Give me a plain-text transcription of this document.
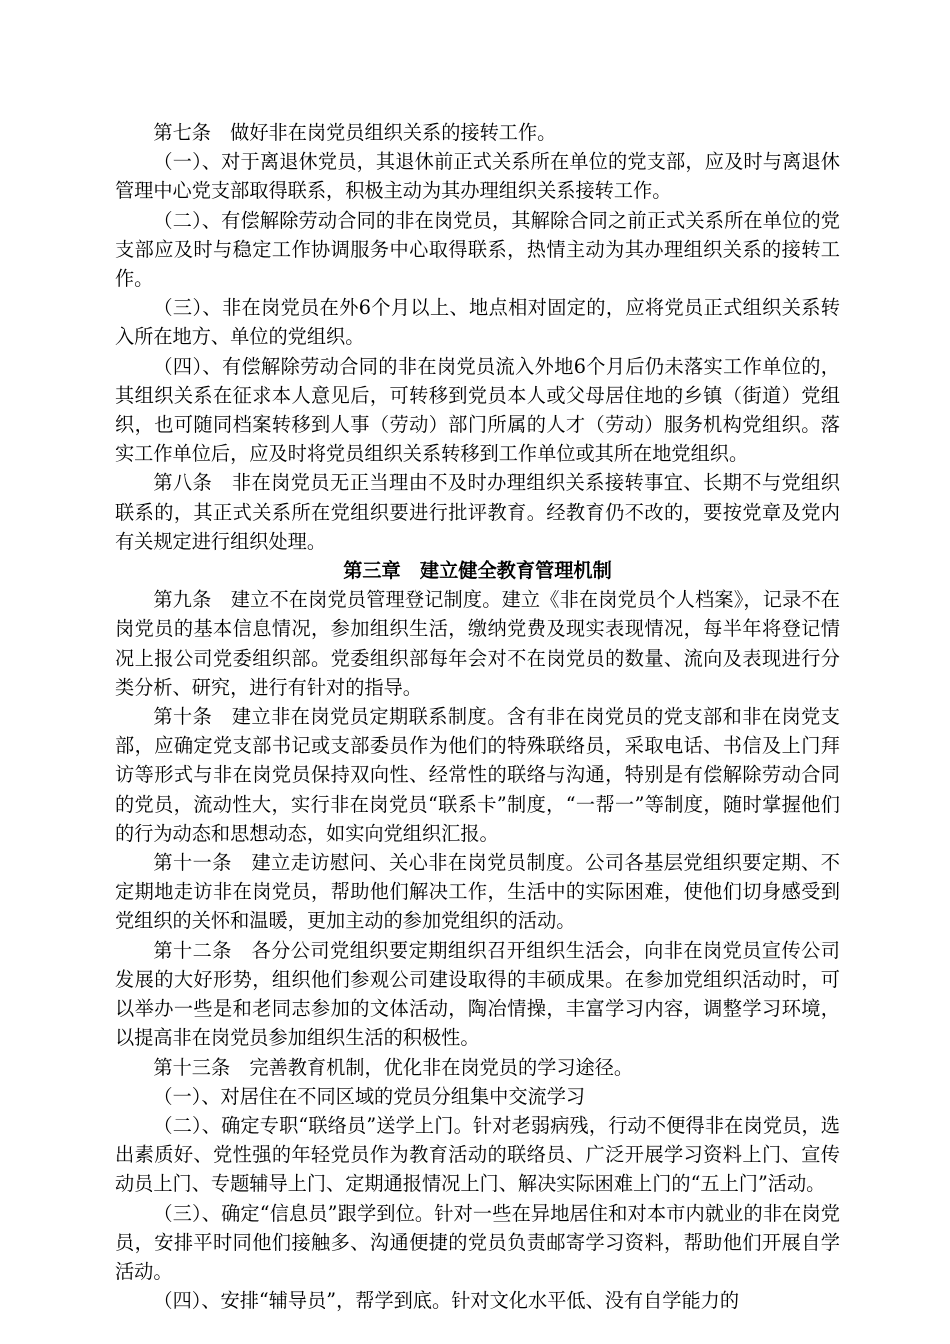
第七条　做好非在岗党员组织关系的接转工作。

（一）、对于离退休党员，其退休前正式关系所在单位的党支部，应及时与离退休管理中心党支部取得联系，积极主动为其办理组织关系接转工作。

（二）、有偿解除劳动合同的非在岗党员，其解除合同之前正式关系所在单位的党支部应及时与稳定工作协调服务中心取得联系，热情主动为其办理组织关系的接转工作。

（三）、非在岗党员在外6个月以上、地点相对固定的，应将党员正式组织关系转入所在地方、单位的党组织。

（四）、有偿解除劳动合同的非在岗党员流入外地6个月后仍未落实工作单位的，其组织关系在征求本人意见后，可转移到党员本人或父母居住地的乡镇（街道）党组织，也可随同档案转移到人事（劳动）部门所属的人才（劳动）服务机构党组织。落实工作单位后，应及时将党员组织关系转移到工作单位或其所在地党组织。

第八条　非在岗党员无正当理由不及时办理组织关系接转事宜、长期不与党组织联系的，其正式关系所在党组织要进行批评教育。经教育仍不改的，要按党章及党内有关规定进行组织处理。

第三章　建立健全教育管理机制

第九条　建立不在岗党员管理登记制度。建立《非在岗党员个人档案》，记录不在岗党员的基本信息情况，参加组织生活，缴纳党费及现实表现情况，每半年将登记情况上报公司党委组织部。党委组织部每年会对不在岗党员的数量、流向及表现进行分类分析、研究，进行有针对的指导。

第十条　建立非在岗党员定期联系制度。含有非在岗党员的党支部和非在岗党支部，应确定党支部书记或支部委员作为他们的特殊联络员，采取电话、书信及上门拜访等形式与非在岗党员保持双向性、经常性的联络与沟通，特别是有偿解除劳动合同的党员，流动性大，实行非在岗党员“联系卡”制度，“一帮一”等制度，随时掌握他们的行为动态和思想动态，如实向党组织汇报。

第十一条　建立走访慰问、关心非在岗党员制度。公司各基层党组织要定期、不定期地走访非在岗党员，帮助他们解决工作，生活中的实际困难，使他们切身感受到党组织的关怀和温暖，更加主动的参加党组织的活动。

第十二条　各分公司党组织要定期组织召开组织生活会，向非在岗党员宣传公司发展的大好形势，组织他们参观公司建设取得的丰硕成果。在参加党组织活动时，可以举办一些是和老同志参加的文体活动，陶冶情操，丰富学习内容，调整学习环境，以提高非在岗党员参加组织生活的积极性。

第十三条　完善教育机制，优化非在岗党员的学习途径。

（一）、对居住在不同区域的党员分组集中交流学习

（二）、确定专职“联络员”送学上门。针对老弱病残，行动不便得非在岗党员，选出素质好、党性强的年轻党员作为教育活动的联络员、广泛开展学习资料上门、宣传动员上门、专题辅导上门、定期通报情况上门、解决实际困难上门的“五上门”活动。

（三）、确定“信息员”跟学到位。针对一些在异地居住和对本市内就业的非在岗党员，安排平时同他们接触多、沟通便捷的党员负责邮寄学习资料，帮助他们开展自学活动。

（四）、安排“辅导员”，帮学到底。针对文化水平低、没有自学能力的
